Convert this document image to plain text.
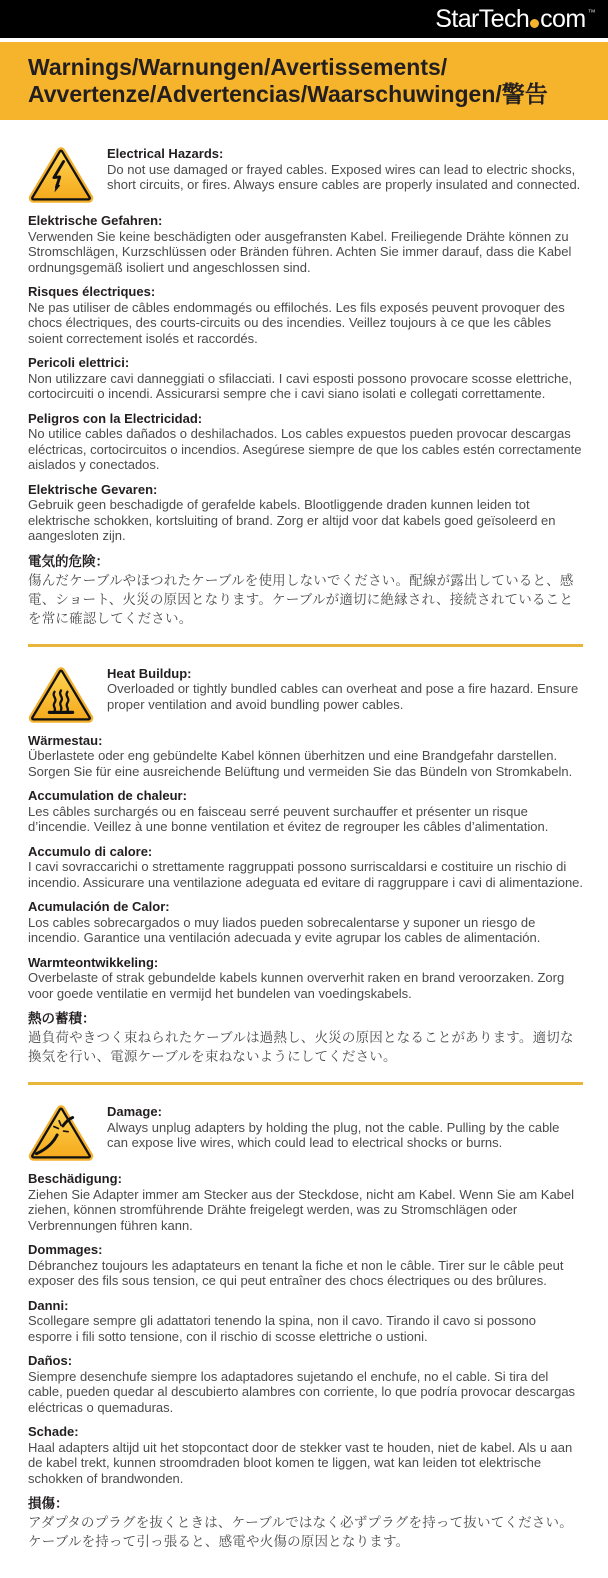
StarTech com ™
Warnings/Warnungen/Avertissements/
Avvertenze/Advertencias/Waarschuwingen/警告
Electrical Hazards:

Do not use damaged or frayed cables. Exposed wires can lead to electric shocks, short circuits, or fires. Always ensure cables are properly insulated and connected.

Elektrische Gefahren:

Verwenden Sie keine beschädigten oder ausgefransten Kabel. Freiliegende Drähte können zu Stromschlägen, Kurzschlüssen oder Bränden führen. Achten Sie immer darauf, dass die Kabel ordnungsgemäß isoliert und angeschlossen sind.

Risques électriques:

Ne pas utiliser de câbles endommagés ou effilochés. Les fils exposés peuvent provoquer des chocs électriques, des courts-circuits ou des incendies. Veillez toujours à ce que les câbles soient correctement isolés et raccordés.

Pericoli elettrici:

Non utilizzare cavi danneggiati o sfilacciati. I cavi esposti possono provocare scosse elettriche, cortocircuiti o incendi. Assicurarsi sempre che i cavi siano isolati e collegati correttamente.

Peligros con la Electricidad:

No utilice cables dañados o deshilachados. Los cables expuestos pueden provocar descargas eléctricas, cortocircuitos o incendios. Asegúrese siempre de que los cables estén correctamente aislados y conectados.

Elektrische Gevaren:

Gebruik geen beschadigde of gerafelde kabels. Blootliggende draden kunnen leiden tot elektrische schokken, kortsluiting of brand. Zorg er altijd voor dat kabels goed geïsoleerd en aangesloten zijn.

電気的危険：

傷んだケーブルやほつれたケーブルを使用しないでください。配線が露出していると、感電、ショート、火災の原因となります。ケーブルが適切に絶縁され、接続されていることを常に確認してください。

Heat Buildup:

Overloaded or tightly bundled cables can overheat and pose a fire hazard. Ensure proper ventilation and avoid bundling power cables.

Wärmestau:

Überlastete oder eng gebündelte Kabel können überhitzen und eine Brandgefahr darstellen. Sorgen Sie für eine ausreichende Belüftung und vermeiden Sie das Bündeln von Stromkabeln.

Accumulation de chaleur:

Les câbles surchargés ou en faisceau serré peuvent surchauffer et présenter un risque d’incendie. Veillez à une bonne ventilation et évitez de regrouper les câbles d’alimentation.

Accumulo di calore:

I cavi sovraccarichi o strettamente raggruppati possono surriscaldarsi e costituire un rischio di incendio. Assicurare una ventilazione adeguata ed evitare di raggruppare i cavi di alimentazione.

Acumulación de Calor:

Los cables sobrecargados o muy liados pueden sobrecalentarse y suponer un riesgo de incendio. Garantice una ventilación adecuada y evite agrupar los cables de alimentación.

Warmteontwikkeling:

Overbelaste of strak gebundelde kabels kunnen oververhit raken en brand veroorzaken. Zorg voor goede ventilatie en vermijd het bundelen van voedingskabels.

熱の蓄積：

過負荷やきつく束ねられたケーブルは過熱し、火災の原因となることがあります。適切な換気を行い、電源ケーブルを束ねないようにしてください。

Damage:

Always unplug adapters by holding the plug, not the cable. Pulling by the cable can expose live wires, which could lead to electrical shocks or burns.

Beschädigung:

Ziehen Sie Adapter immer am Stecker aus der Steckdose, nicht am Kabel. Wenn Sie am Kabel ziehen, können stromführende Drähte freigelegt werden, was zu Stromschlägen oder Verbrennungen führen kann.

Dommages:

Débranchez toujours les adaptateurs en tenant la fiche et non le câble. Tirer sur le câble peut exposer des fils sous tension, ce qui peut entraîner des chocs électriques ou des brûlures.

Danni:

Scollegare sempre gli adattatori tenendo la spina, non il cavo. Tirando il cavo si possono esporre i fili sotto tensione, con il rischio di scosse elettriche o ustioni.

Daños:

Siempre desenchufe siempre los adaptadores sujetando el enchufe, no el cable. Si tira del cable, pueden quedar al descubierto alambres con corriente, lo que podría provocar descargas eléctricas o quemaduras.

Schade:

Haal adapters altijd uit het stopcontact door de stekker vast te houden, niet de kabel. Als u aan de kabel trekt, kunnen stroomdraden bloot komen te liggen, wat kan leiden tot elektrische schokken of brandwonden.

損傷：

アダプタのプラグを抜くときは、ケーブルではなく必ずプラグを持って抜いてください。ケーブルを持って引っ張ると、感電や火傷の原因となります。
